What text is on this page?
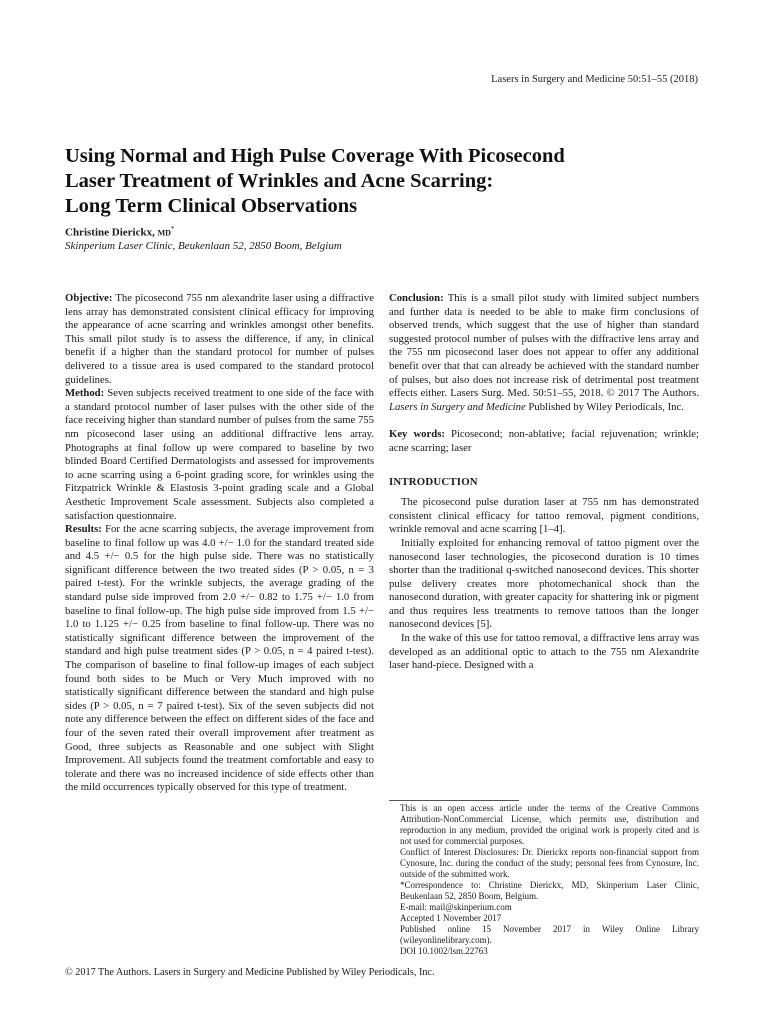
Lasers in Surgery and Medicine 50:51–55 (2018)
Using Normal and High Pulse Coverage With Picosecond
Laser Treatment of Wrinkles and Acne Scarring:
Long Term Clinical Observations
Christine Dierickx, MD*
Skinperium Laser Clinic, Beukenlaan 52, 2850 Boom, Belgium

Objective: The picosecond 755 nm alexandrite laser using a diffractive lens array has demonstrated consistent clinical efficacy for improving the appearance of acne scarring and wrinkles amongst other benefits. This small pilot study is to assess the difference, if any, in clinical benefit if a higher than the standard protocol for number of pulses delivered to a tissue area is used compared to the standard protocol guidelines.

Method: Seven subjects received treatment to one side of the face with a standard protocol number of laser pulses with the other side of the face receiving higher than standard number of pulses from the same 755 nm picosecond laser using an additional diffractive lens array. Photographs at final follow up were compared to baseline by two blinded Board Certified Dermatologists and assessed for improvements to acne scarring using a 6-point grading score, for wrinkles using the Fitzpatrick Wrinkle & Elastosis 3-point grading scale and a Global Aesthetic Improvement Scale assessment. Subjects also completed a satisfaction questionnaire.

Results: For the acne scarring subjects, the average improvement from baseline to final follow up was 4.0 +/− 1.0 for the standard treated side and 4.5 +/− 0.5 for the high pulse side. There was no statistically significant difference between the two treated sides (P > 0.05, n = 3 paired t-test). For the wrinkle subjects, the average grading of the standard pulse side improved from 2.0 +/− 0.82 to 1.75 +/− 1.0 from baseline to final follow-up. The high pulse side improved from 1.5 +/− 1.0 to 1.125 +/− 0.25 from baseline to final follow-up. There was no statistically significant difference between the improvement of the standard and high pulse treatment sides (P > 0.05, n = 4 paired t-test). The comparison of baseline to final follow-up images of each subject found both sides to be Much or Very Much improved with no statistically significant difference between the standard and high pulse sides (P > 0.05, n = 7 paired t-test). Six of the seven subjects did not note any difference between the effect on different sides of the face and four of the seven rated their overall improvement after treatment as Good, three subjects as Reasonable and one subject with Slight Improvement. All subjects found the treatment comfortable and easy to tolerate and there was no increased incidence of side effects other than the mild occurrences typically observed for this type of treatment.

Conclusion: This is a small pilot study with limited subject numbers and further data is needed to be able to make firm conclusions of observed trends, which suggest that the use of higher than standard suggested protocol number of pulses with the diffractive lens array and the 755 nm picosecond laser does not appear to offer any additional benefit over that that can already be achieved with the standard number of pulses, but also does not increase risk of detrimental post treatment effects either. Lasers Surg. Med. 50:51–55, 2018. © 2017 The Authors. Lasers in Surgery and Medicine Published by Wiley Periodicals, Inc.

Key words: Picosecond; non-ablative; facial rejuvenation; wrinkle; acne scarring; laser

INTRODUCTION

The picosecond pulse duration laser at 755 nm has demonstrated consistent clinical efficacy for tattoo removal, pigment conditions, wrinkle removal and acne scarring [1–4].

Initially exploited for enhancing removal of tattoo pigment over the nanosecond laser technologies, the picosecond duration is 10 times shorter than the traditional q-switched nanosecond devices. This shorter pulse delivery creates more photomechanical shock than the nanosecond duration, with greater capacity for shattering ink or pigment and thus requires less treatments to remove tattoos than the longer nanosecond devices [5].

In the wake of this use for tattoo removal, a diffractive lens array was developed as an additional optic to attach to the 755 nm Alexandrite laser hand-piece. Designed with a

This is an open access article under the terms of the Creative Commons Attribution-NonCommercial License, which permits use, distribution and reproduction in any medium, provided the original work is properly cited and is not used for commercial purposes.

Conflict of Interest Disclosures: Dr. Dierickx reports non-financial support from Cynosure, Inc. during the conduct of the study; personal fees from Cynosure, Inc. outside of the submitted work.

*Correspondence to: Christine Dierickx, MD, Skinperium Laser Clinic, Beukenlaan 52, 2850 Boom, Belgium.

E-mail: mail@skinperium.com

Accepted 1 November 2017

Published online 15 November 2017 in Wiley Online Library (wileyonlinelibrary.com).

DOI 10.1002/lsm.22763

© 2017 The Authors. Lasers in Surgery and Medicine Published by Wiley Periodicals, Inc.
